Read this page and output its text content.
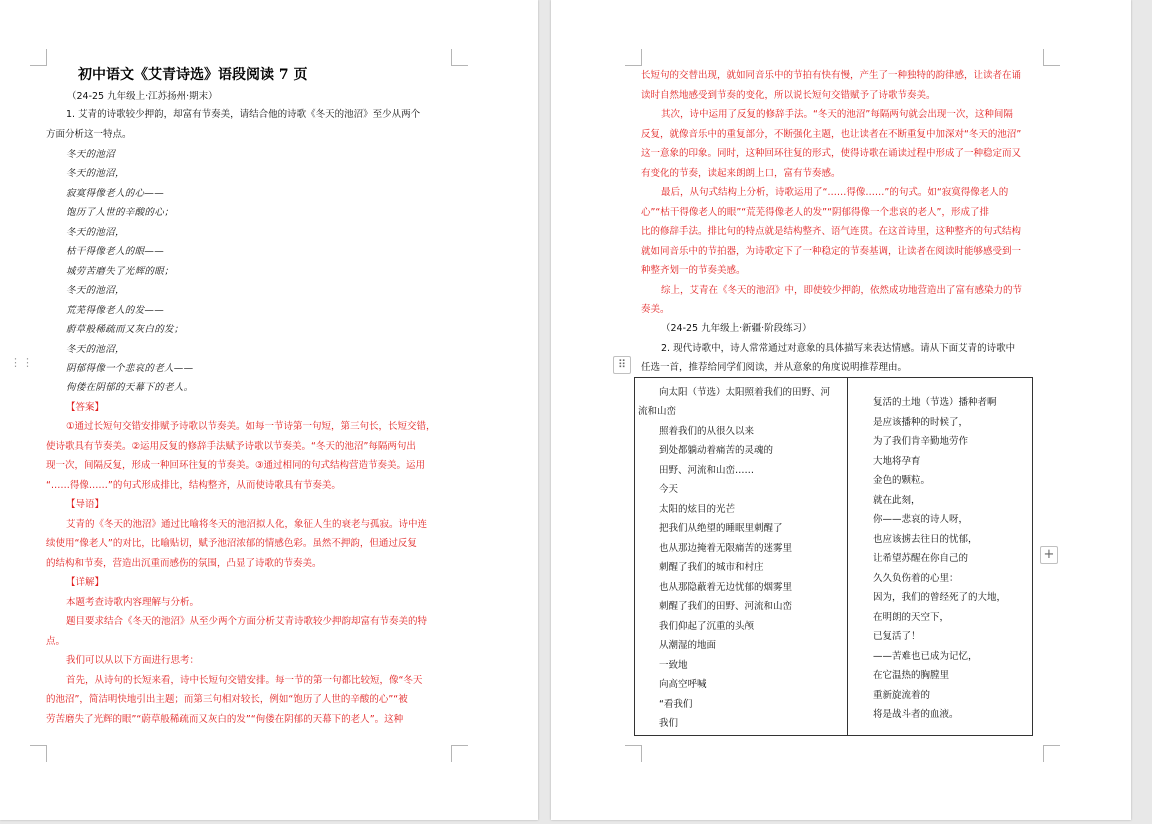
初中语文《艾青诗选》语段阅读 7 页
（24-25 九年级上·江苏扬州·期末）
1. 艾青的诗歌较少押韵，却富有节奏美，请结合他的诗歌《冬天的池沼》至少从两个
方面分析这一特点。
冬天的池沼
冬天的池沼，
寂寞得像老人的心——
饱历了人世的辛酸的心；
冬天的池沼，
枯干得像老人的眼——
城劳苦磨失了光辉的眼；
冬天的池沼，
荒芜得像老人的发——
蔚草般稀疏而又灰白的发；
冬天的池沼，
阴郁得像一个悲哀的老人——
佝偻在阴郁的天幕下的老人。
【答案】
①通过长短句交错安排赋予诗歌以节奏美。如每一节诗第一句短，第三句长，长短交错，
使诗歌具有节奏美。②运用反复的修辞手法赋予诗歌以节奏美。“冬天的池沼”每隔两句出
现一次，间隔反复，形成一种回环往复的节奏美。③通过相同的句式结构营造节奏美。运用
“……得像……”的句式形成排比，结构整齐，从而使诗歌具有节奏美。
【导语】
艾青的《冬天的池沼》通过比喻将冬天的池沼拟人化，象征人生的衰老与孤寂。诗中连
续使用“像老人”的对比，比喻贴切，赋予池沼浓郁的情感色彩。虽然不押韵，但通过反复
的结构和节奏，营造出沉重而感伤的氛围，凸显了诗歌的节奏美。
【详解】
本题考查诗歌内容理解与分析。
题目要求结合《冬天的池沼》从至少两个方面分析艾青诗歌较少押韵却富有节奏美的特
点。
我们可以从以下方面进行思考：
首先，从诗句的长短来看，诗中长短句交错安排。每一节的第一句都比较短，像“冬天
的池沼”，简洁明快地引出主题；而第三句相对较长，例如“饱历了人世的辛酸的心”“被
劳苦磨失了光辉的眼”“蔚草般稀疏而又灰白的发”“佝偻在阴郁的天幕下的老人”。这种
⋮⋮
长短句的交替出现，就如同音乐中的节拍有快有慢，产生了一种独特的韵律感，让读者在诵
读时自然地感受到节奏的变化，所以说长短句交错赋予了诗歌节奏美。
其次，诗中运用了反复的修辞手法。“冬天的池沼”每隔两句就会出现一次，这种间隔
反复，就像音乐中的重复部分，不断强化主题，也让读者在不断重复中加深对“冬天的池沼”
这一意象的印象。同时，这种回环往复的形式，使得诗歌在诵读过程中形成了一种稳定而又
有变化的节奏，读起来朗朗上口，富有节奏感。
最后，从句式结构上分析，诗歌运用了“……得像……”的句式。如“寂寞得像老人的
心”“枯干得像老人的眼”“荒芜得像老人的发”“阴郁得像一个悲哀的老人”，形成了排
比的修辞手法。排比句的特点就是结构整齐、语气连贯。在这首诗里，这种整齐的句式结构
就如同音乐中的节拍器，为诗歌定下了一种稳定的节奏基调，让读者在阅读时能够感受到一
种整齐划一的节奏美感。
综上，艾青在《冬天的池沼》中，即使较少押韵，依然成功地营造出了富有感染力的节
奏美。
（24-25 九年级上·新疆·阶段练习）
2. 现代诗歌中，诗人常常通过对意象的具体描写来表达情感。请从下面艾青的诗歌中
任选一首，推荐给同学们阅读，并从意象的角度说明推荐理由。
⠿
向太阳（节选）太阳照着我们的田野、河
流和山峦
照着我们的从很久以来
到处都躺动着痛苦的灵魂的
田野、河流和山峦……
今天
太阳的炫目的光芒
把我们从绝望的睡眠里刺醒了
也从那边掩着无限痛苦的迷雾里
刺醒了我们的城市和村庄
也从那隐蔽着无边忧郁的烟雾里
刺醒了我们的田野、河流和山峦
我们仰起了沉重的头颅
从潮湿的地面
一致地
向高空呼喊
“看我们
我们
复活的土地（节选）播种者啊
是应该播种的时候了，
为了我们肯辛勤地劳作
大地将孕育
金色的颗粒。
就在此刻，
你——悲哀的诗人呀，
也应该掳去往日的忧郁，
让希望苏醒在你自己的
久久负伤着的心里：
因为，我们的曾经死了的大地，
在明朗的天空下，
已复活了！
——苦难也已成为记忆，
在它温热的胸膛里
重新旋流着的
将是战斗者的血液。
+
